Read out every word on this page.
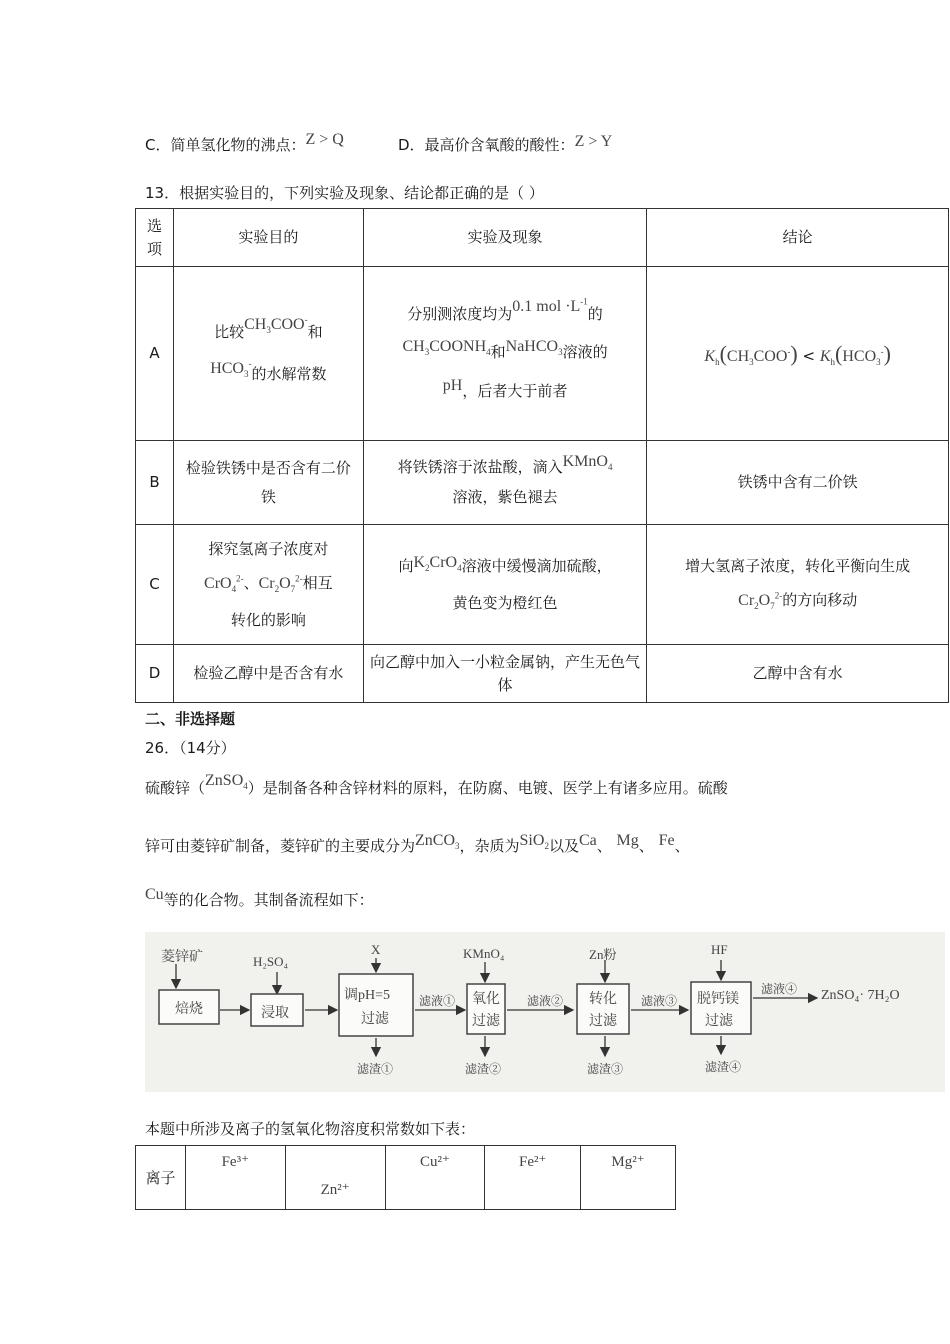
C．简单氢化物的沸点：Z > Q	D．最高价含氧酸的酸性：Z > Y
13．根据实验目的，下列实验及现象、结论都正确的是（ ）
选
项	实验目的	实验及现象	结论
A	比较$CH_3COO^-$和
$HCO_3^-$的水解常数	分别测浓度均为0.1 mol $\cdot L^{-1}$的
$CH_3COONH_4$和NaHCO$_3$溶液的
pH，后者大于前者	$K_h(CH_3COO^-) < K_h(HCO_3^-)$
B	检验铁锈中是否含有二价铁	将铁锈溶于浓盐酸，滴入KMnO$_4$
溶液，紫色褪去	铁锈中含有二价铁
C	探究氢离子浓度对
CrO$_4^{2-}$、$Cr_2O_7^{2-}$相互
转化的影响	向$K_2CrO_4$溶液中缓慢滴加硫酸，
黄色变为橙红色	增大氢离子浓度，转化平衡向生成
$Cr_2O_7^{2-}$的方向移动
D	检验乙醇中是否含有水	向乙醇中加入一小粒金属钠，产生无色气体	乙醇中含有水
二、非选择题
26．（14分）
硫酸锌（ZnSO$_4$）是制备各种含锌材料的原料，在防腐、电镀、医学上有诸多应用。硫酸
锌可由菱锌矿制备，菱锌矿的主要成分为ZnCO$_3$，杂质为SiO$_2$以及Ca、 Mg、 Fe、
Cu等的化合物。其制备流程如下：
菱锌矿
焙烧
H₂SO₄
浸取
X
调pH=5
过滤
滤液①
滤渣①
KMnO₄
氧化
过滤
滤液②
滤渣②
Zn粉
转化
过滤
滤液③
滤渣③
HF
脱钙镁
过滤
滤液④
滤渣④
ZnSO₄· 7H₂O
本题中所涉及离子的氢氧化物溶度积常数如下表：
离子	Fe³⁺	Zn²⁺	Cu²⁺	Fe²⁺	Mg²⁺
